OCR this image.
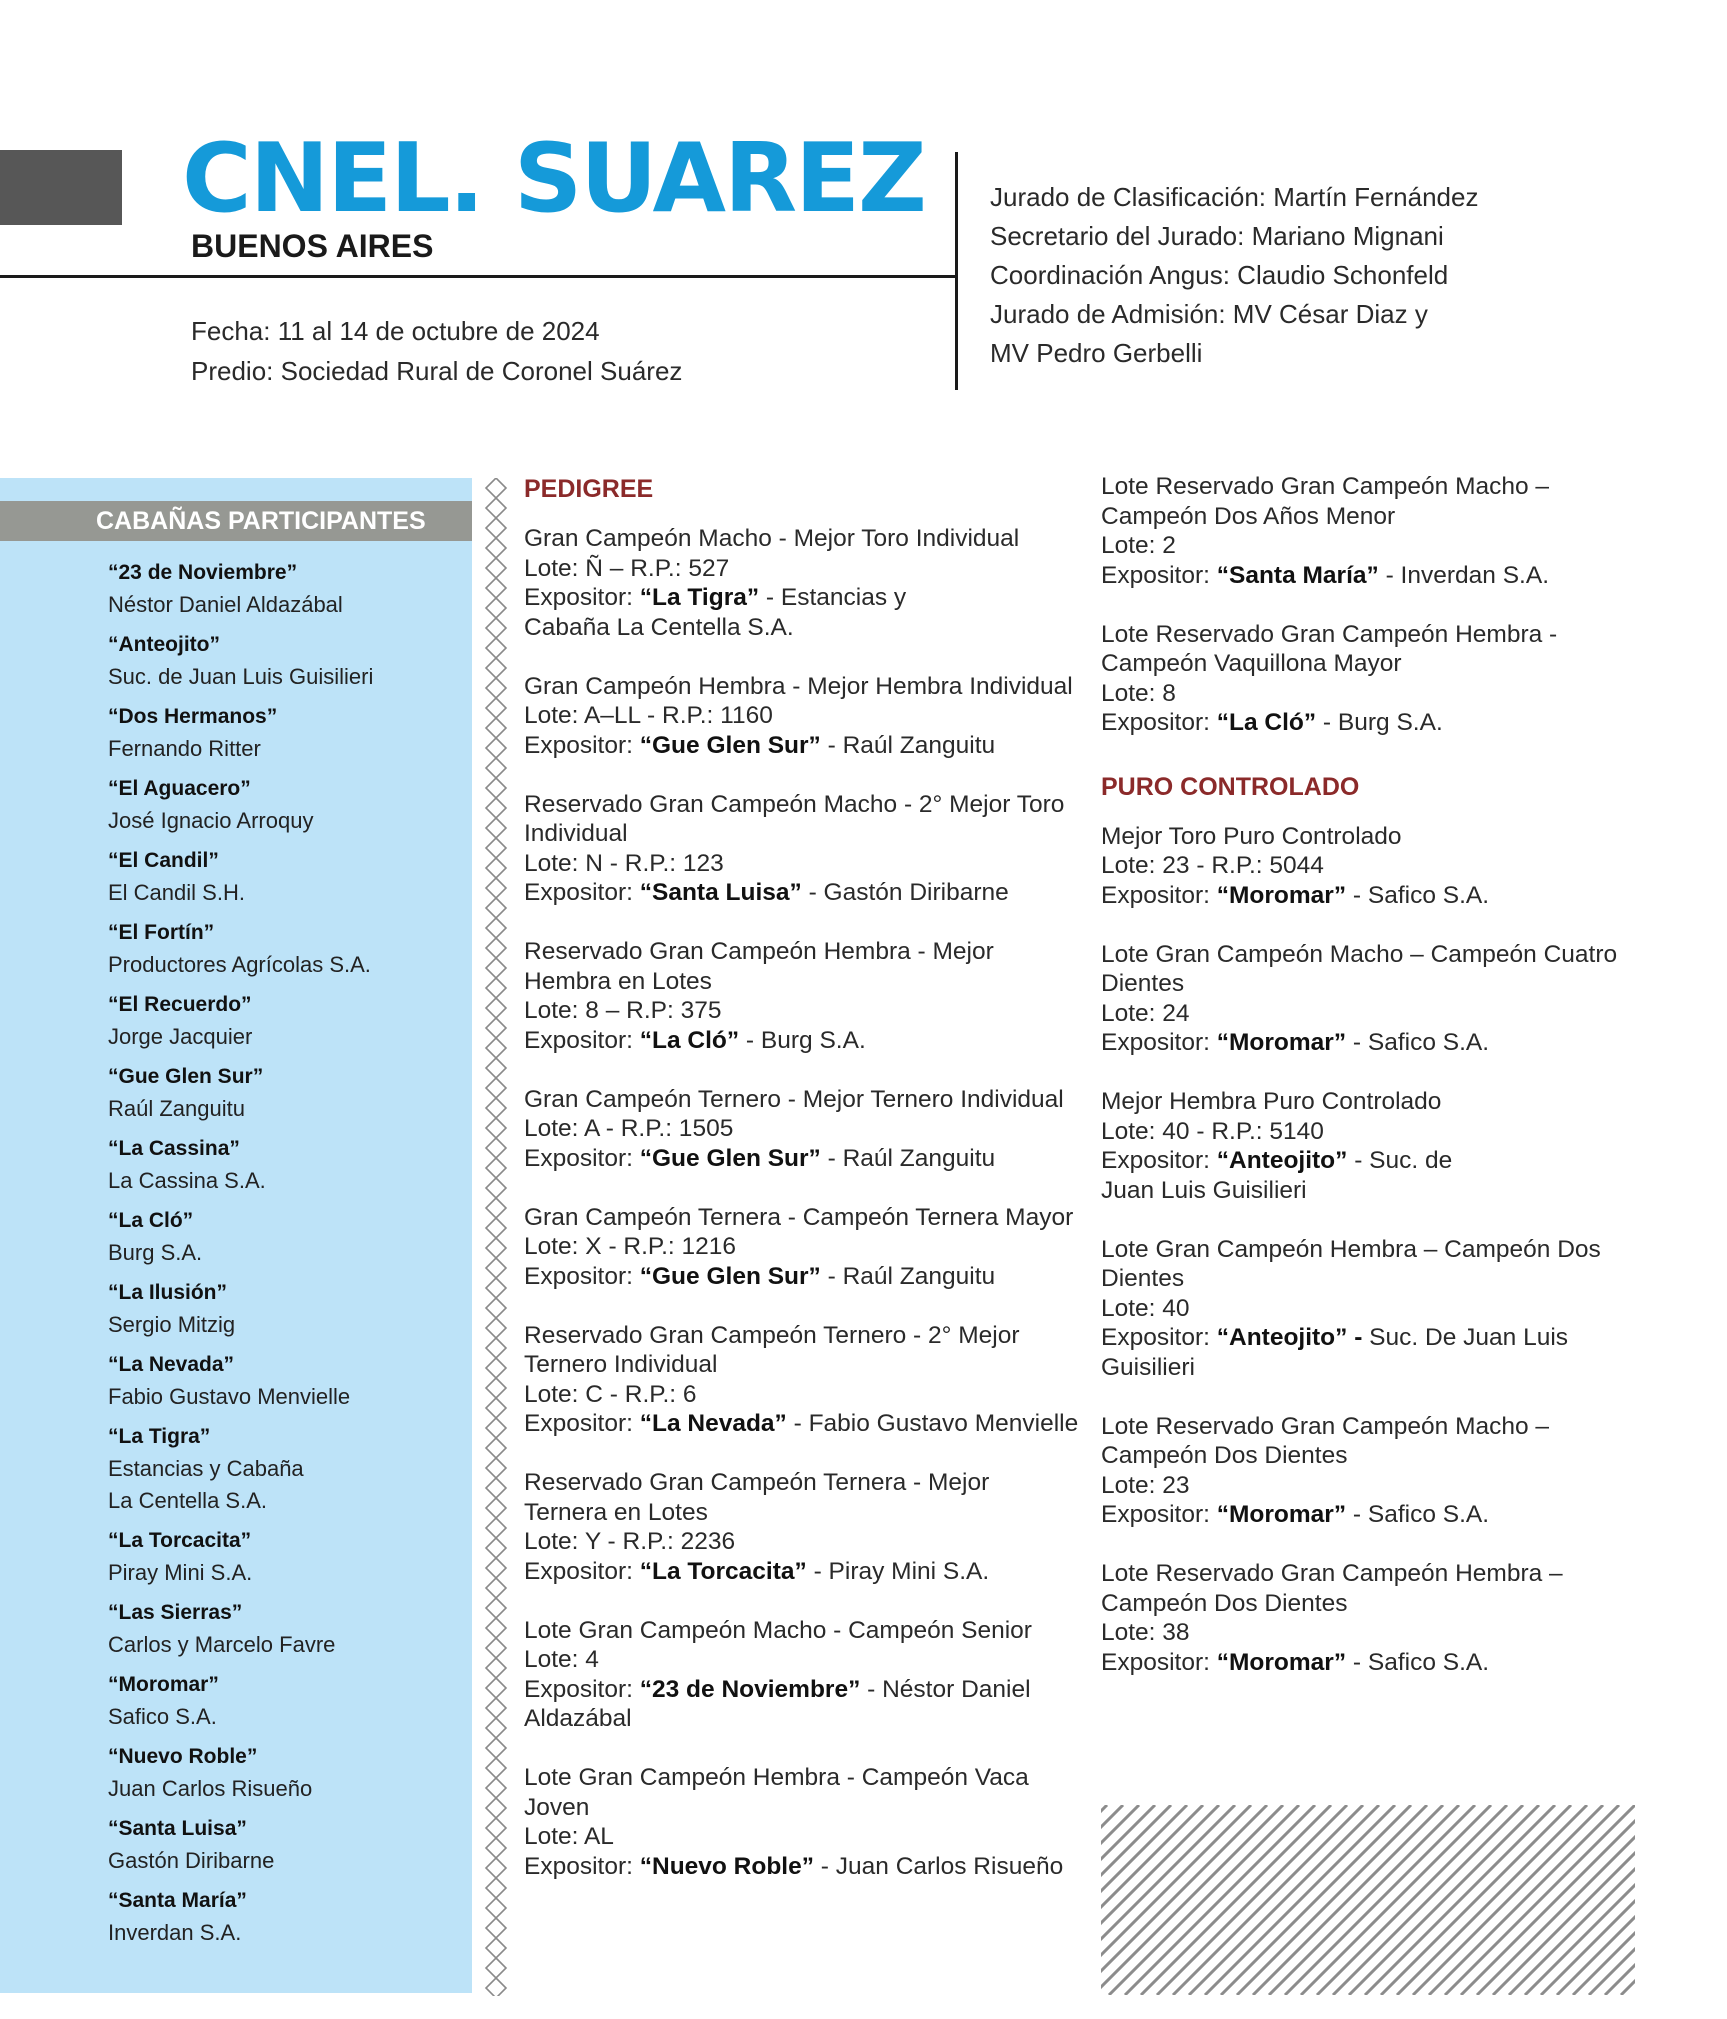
CNEL. SUAREZ
BUENOS AIRES
Fecha: 11 al 14 de octubre de 2024
Predio: Sociedad Rural de Coronel Suárez
Jurado de Clasificación: Martín Fernández
Secretario del Jurado: Mariano Mignani
Coordinación Angus: Claudio Schonfeld
Jurado de Admisión: MV César Diaz y
MV Pedro Gerbelli
CABAÑAS PARTICIPANTES
“23 de Noviembre”
Néstor Daniel Aldazábal
“Anteojito”
Suc. de Juan Luis Guisilieri
“Dos Hermanos”
Fernando Ritter
“El Aguacero”
José Ignacio Arroquy
“El Candil”
El Candil S.H.
“El Fortín”
Productores Agrícolas S.A.
“El Recuerdo”
Jorge Jacquier
“Gue Glen Sur”
Raúl Zanguitu
“La Cassina”
La Cassina S.A.
“La Cló”
Burg S.A.
“La Ilusión”
Sergio Mitzig
“La Nevada”
Fabio Gustavo Menvielle
“La Tigra”
Estancias y Cabaña
La Centella S.A.
“La Torcacita”
Piray Mini S.A.
“Las Sierras”
Carlos y Marcelo Favre
“Moromar”
Safico S.A.
“Nuevo Roble”
Juan Carlos Risueño
“Santa Luisa”
Gastón Diribarne
“Santa María”
Inverdan S.A.
PEDIGREE
Gran Campeón Macho - Mejor Toro Individual
Lote: Ñ – R.P.: 527
Expositor: “La Tigra” - Estancias y
Cabaña La Centella S.A.
Gran Campeón Hembra - Mejor Hembra Individual
Lote: A–LL - R.P.: 1160
Expositor: “Gue Glen Sur” - Raúl Zanguitu
Reservado Gran Campeón Macho - 2° Mejor Toro
Individual
Lote: N - R.P.: 123
Expositor: “Santa Luisa” - Gastón Diribarne
Reservado Gran Campeón Hembra - Mejor
Hembra en Lotes
Lote: 8 – R.P: 375
Expositor: “La Cló” - Burg S.A.
Gran Campeón Ternero - Mejor Ternero Individual
Lote: A - R.P.: 1505
Expositor: “Gue Glen Sur” - Raúl Zanguitu
Gran Campeón Ternera - Campeón Ternera Mayor
Lote: X - R.P.: 1216
Expositor: “Gue Glen Sur” - Raúl Zanguitu
Reservado Gran Campeón Ternero - 2° Mejor
Ternero Individual
Lote: C - R.P.: 6
Expositor: “La Nevada” - Fabio Gustavo Menvielle
Reservado Gran Campeón Ternera - Mejor
Ternera en Lotes
Lote: Y - R.P.: 2236
Expositor: “La Torcacita” - Piray Mini S.A.
Lote Gran Campeón Macho - Campeón Senior
Lote: 4
Expositor: “23 de Noviembre” - Néstor Daniel
Aldazábal
Lote Gran Campeón Hembra - Campeón Vaca
Joven
Lote: AL
Expositor: “Nuevo Roble” - Juan Carlos Risueño
Lote Reservado Gran Campeón Macho –
Campeón Dos Años Menor
Lote: 2
Expositor: “Santa María” - Inverdan S.A.
Lote Reservado Gran Campeón Hembra -
Campeón Vaquillona Mayor
Lote: 8
Expositor: “La Cló” - Burg S.A.
PURO CONTROLADO
Mejor Toro Puro Controlado
Lote: 23 - R.P.: 5044
Expositor: “Moromar” - Safico S.A.
Lote Gran Campeón Macho – Campeón Cuatro
Dientes
Lote: 24
Expositor: “Moromar” - Safico S.A.
Mejor Hembra Puro Controlado
Lote: 40 - R.P.: 5140
Expositor: “Anteojito” - Suc. de
Juan Luis Guisilieri
Lote Gran Campeón Hembra – Campeón Dos
Dientes
Lote: 40
Expositor: “Anteojito” - Suc. De Juan Luis
Guisilieri
Lote Reservado Gran Campeón Macho –
Campeón Dos Dientes
Lote: 23
Expositor: “Moromar” - Safico S.A.
Lote Reservado Gran Campeón Hembra –
Campeón Dos Dientes
Lote: 38
Expositor: “Moromar” - Safico S.A.
